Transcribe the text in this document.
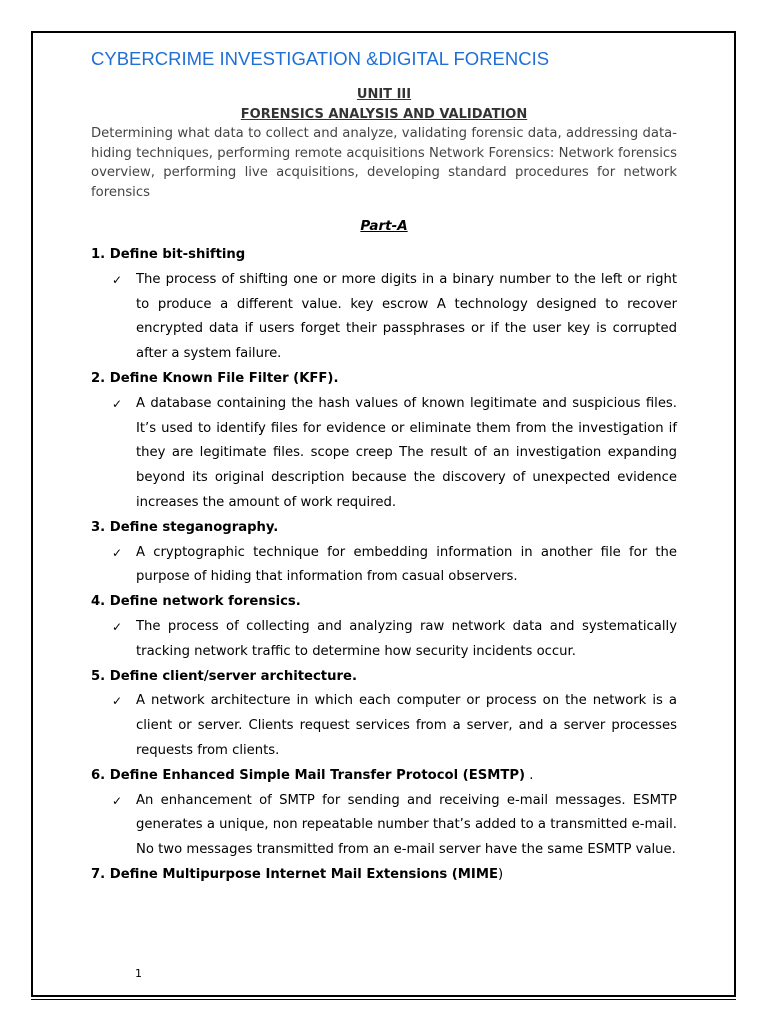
CYBERCRIME INVESTIGATION &DIGITAL FORENCIS
UNIT III
FORENSICS ANALYSIS AND VALIDATION
Determining what data to collect and analyze, validating forensic data, addressing data-hiding techniques, performing remote acquisitions Network Forensics: Network forensics overview, performing live acquisitions, developing standard procedures for network forensics
Part-A
1. Define bit-shifting
✓ The process of shifting one or more digits in a binary number to the left or right to produce a different value. key escrow A technology designed to recover encrypted data if users forget their passphrases or if the user key is corrupted after a system failure.
2. Define Known File Filter (KFF).
✓ A database containing the hash values of known legitimate and suspicious files. It’s used to identify files for evidence or eliminate them from the investigation if they are legitimate files. scope creep The result of an investigation expanding beyond its original description because the discovery of unexpected evidence increases the amount of work required.
3. Define steganography.
✓ A cryptographic technique for embedding information in another file for the purpose of hiding that information from casual observers.
4. Define network forensics.
✓ The process of collecting and analyzing raw network data and systematically tracking network traffic to determine how security incidents occur.
5. Define client/server architecture.
✓ A network architecture in which each computer or process on the network is a client or server. Clients request services from a server, and a server processes requests from clients.
6. Define Enhanced Simple Mail Transfer Protocol (ESMTP) .
✓ An enhancement of SMTP for sending and receiving e-mail messages. ESMTP generates a unique, non repeatable number that’s added to a transmitted e-mail. No two messages transmitted from an e-mail server have the same ESMTP value.
7. Define Multipurpose Internet Mail Extensions (MIME)
1
